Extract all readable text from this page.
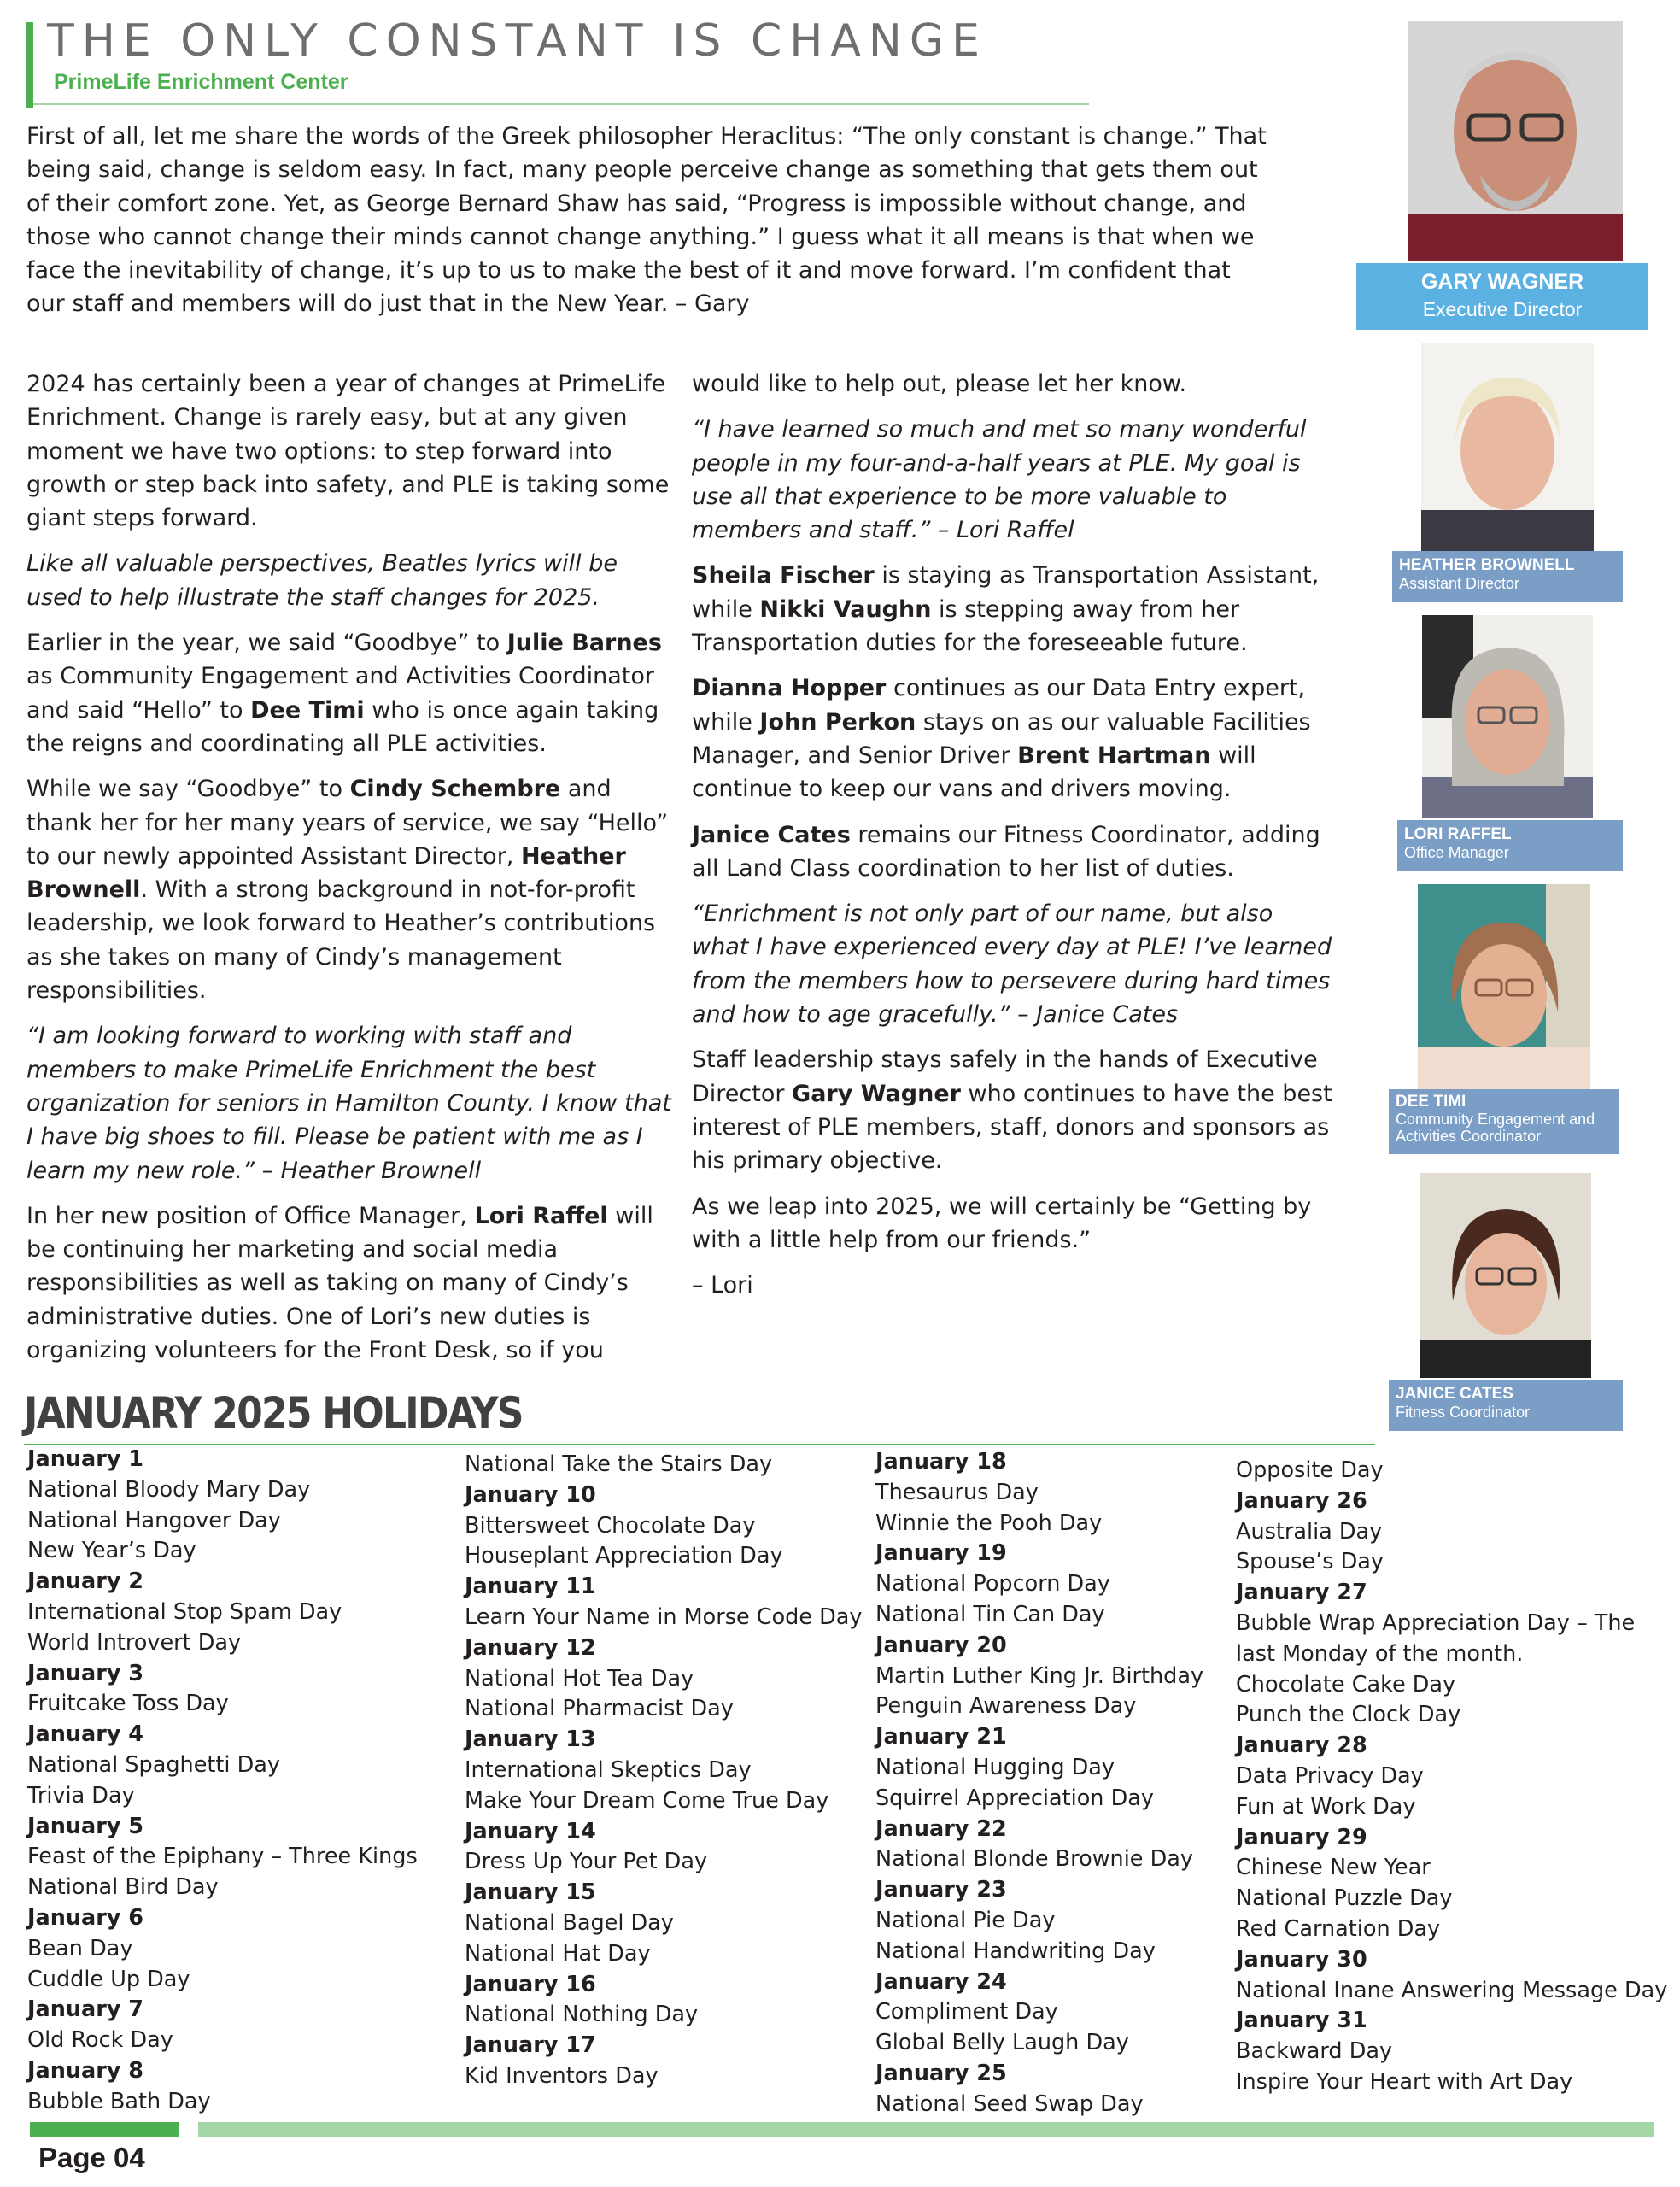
THE ONLY CONSTANT IS CHANGE
PrimeLife Enrichment Center
First of all, let me share the words of the Greek philosopher Heraclitus: “The only constant is change.” That being said, change is seldom easy. In fact, many people perceive change as something that gets them out of their comfort zone. Yet, as George Bernard Shaw has said, “Progress is impossible without change, and those who cannot change their minds cannot change anything.” I guess what it all means is that when we face the inevitability of change, it’s up to us to make the best of it and move forward. I’m confident that our staff and members will do just that in the New Year. – Gary

2024 has certainly been a year of changes at PrimeLife Enrichment. Change is rarely easy, but at any given moment we have two options: to step forward into growth or step back into safety, and PLE is taking some giant steps forward.

Like all valuable perspectives, Beatles lyrics will be used to help illustrate the staff changes for 2025.

Earlier in the year, we said “Goodbye” to Julie Barnes as Community Engagement and Activities Coordinator and said “Hello” to Dee Timi who is once again taking the reigns and coordinating all PLE activities.

While we say “Goodbye” to Cindy Schembre and thank her for her many years of service, we say “Hello” to our newly appointed Assistant Director, Heather Brownell. With a strong background in not-for-profit leadership, we look forward to Heather’s contributions as she takes on many of Cindy’s management responsibilities.

“I am looking forward to working with staff and members to make PrimeLife Enrichment the best organization for seniors in Hamilton County. I know that I have big shoes to fill. Please be patient with me as I learn my new role.” – Heather Brownell

In her new position of Office Manager, Lori Raffel will be continuing her marketing and social media responsibilities as well as taking on many of Cindy’s administrative duties. One of Lori’s new duties is organizing volunteers for the Front Desk, so if you

would like to help out, please let her know.

“I have learned so much and met so many wonderful people in my four-and-a-half years at PLE. My goal is use all that experience to be more valuable to members and staff.” – Lori Raffel

Sheila Fischer is staying as Transportation Assistant, while Nikki Vaughn is stepping away from her Transportation duties for the foreseeable future.

Dianna Hopper continues as our Data Entry expert, while John Perkon stays on as our valuable Facilities Manager, and Senior Driver Brent Hartman will continue to keep our vans and drivers moving.

Janice Cates remains our Fitness Coordinator, adding all Land Class coordination to her list of duties.

“Enrichment is not only part of our name, but also what I have experienced every day at PLE! I’ve learned from the members how to persevere during hard times and how to age gracefully.” – Janice Cates

Staff leadership stays safely in the hands of Executive Director Gary Wagner who continues to have the best interest of PLE members, staff, donors and sponsors as his primary objective.

As we leap into 2025, we will certainly be “Getting by with a little help from our friends.”

– Lori

GARY WAGNER
Executive Director
HEATHER BROWNELL
Assistant Director
LORI RAFFEL
Office Manager
DEE TIMI
Community Engagement and Activities Coordinator
JANICE CATES
Fitness Coordinator
JANUARY 2025 HOLIDAYS
January 1
National Bloody Mary Day
National Hangover Day
New Year’s Day
January 2
International Stop Spam Day
World Introvert Day
January 3
Fruitcake Toss Day
January 4
National Spaghetti Day
Trivia Day
January 5
Feast of the Epiphany – Three Kings
National Bird Day
January 6
Bean Day
Cuddle Up Day
January 7
Old Rock Day
January 8
Bubble Bath Day
National Take the Stairs Day
January 10
Bittersweet Chocolate Day
Houseplant Appreciation Day
January 11
Learn Your Name in Morse Code Day
January 12
National Hot Tea Day
National Pharmacist Day
January 13
International Skeptics Day
Make Your Dream Come True Day
January 14
Dress Up Your Pet Day
January 15
National Bagel Day
National Hat Day
January 16
National Nothing Day
January 17
Kid Inventors Day
January 18
Thesaurus Day
Winnie the Pooh Day
January 19
National Popcorn Day
National Tin Can Day
January 20
Martin Luther King Jr. Birthday
Penguin Awareness Day
January 21
National Hugging Day
Squirrel Appreciation Day
January 22
National Blonde Brownie Day
January 23
National Pie Day
National Handwriting Day
January 24
Compliment Day
Global Belly Laugh Day
January 25
National Seed Swap Day
Opposite Day
January 26
Australia Day
Spouse’s Day
January 27
Bubble Wrap Appreciation Day – The
last Monday of the month.
Chocolate Cake Day
Punch the Clock Day
January 28
Data Privacy Day
Fun at Work Day
January 29
Chinese New Year
National Puzzle Day
Red Carnation Day
January 30
National Inane Answering Message Day
January 31
Backward Day
Inspire Your Heart with Art Day
Page 04
